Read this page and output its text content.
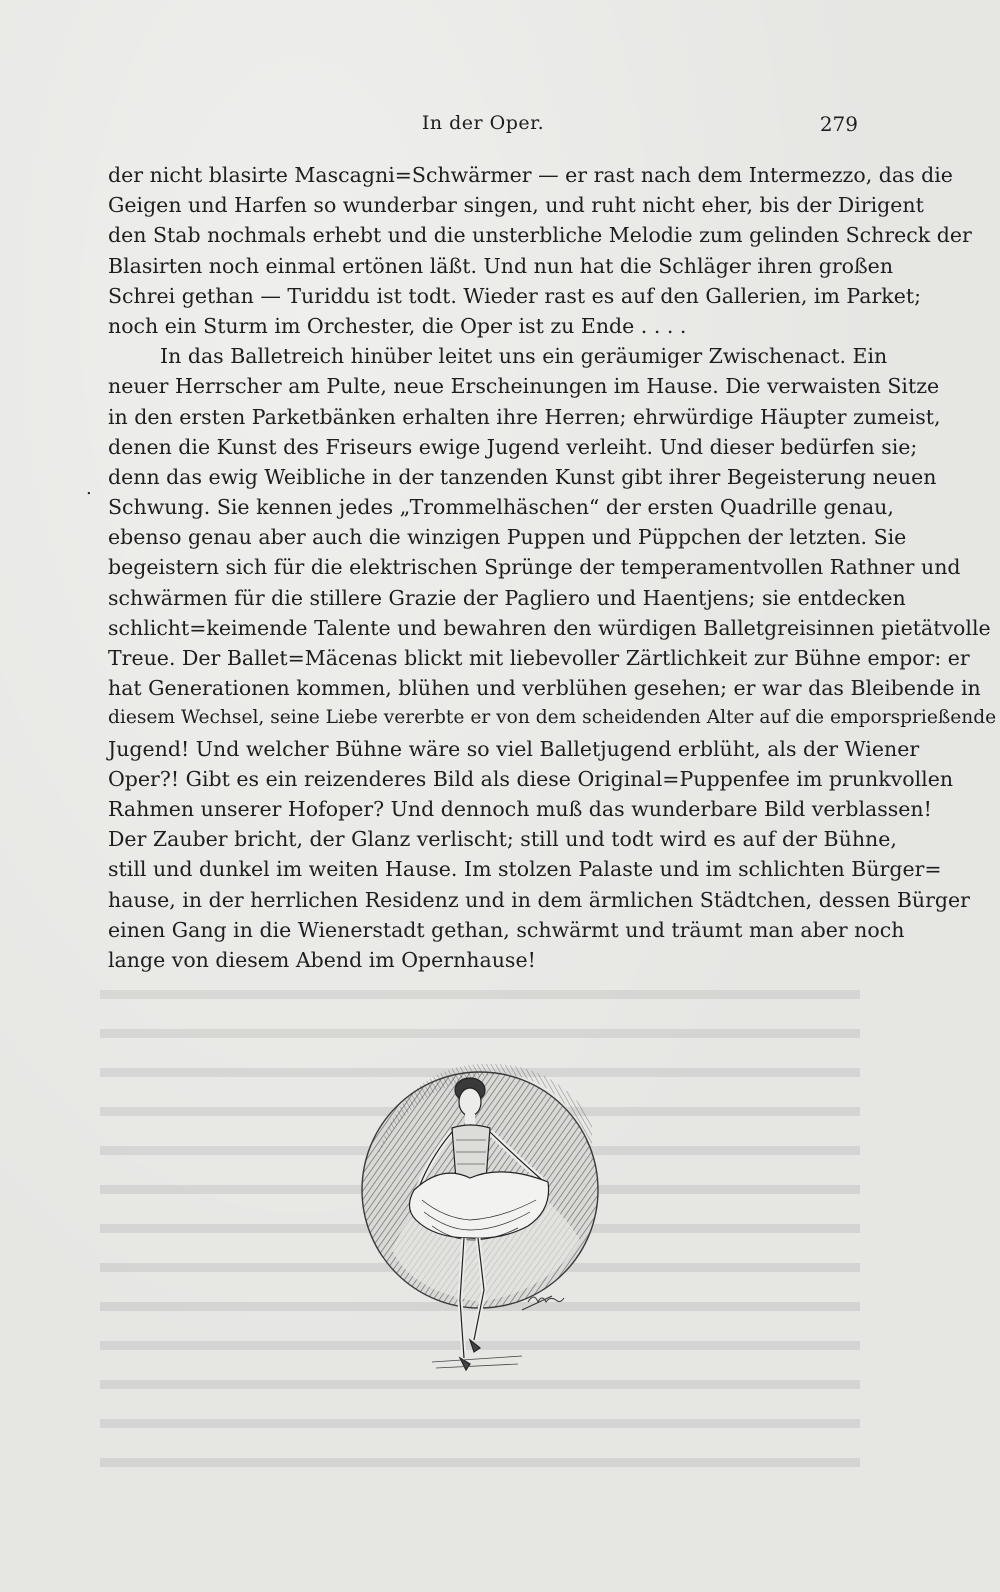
In der Oper.	279
.
der nicht blasirte Mascagni=Schwärmer — er rast nach dem Intermezzo, das die
Geigen und Harfen so wunderbar singen, und ruht nicht eher, bis der Dirigent
den Stab nochmals erhebt und die unsterbliche Melodie zum gelinden Schreck der
Blasirten noch einmal ertönen läßt. Und nun hat die Schläger ihren großen
Schrei gethan — Turiddu ist todt. Wieder rast es auf den Gallerien, im Parket;
noch ein Sturm im Orchester, die Oper ist zu Ende . . . .
In das Balletreich hinüber leitet uns ein geräumiger Zwischenact. Ein
neuer Herrscher am Pulte, neue Erscheinungen im Hause. Die verwaisten Sitze
in den ersten Parketbänken erhalten ihre Herren; ehrwürdige Häupter zumeist,
denen die Kunst des Friseurs ewige Jugend verleiht. Und dieser bedürfen sie;
denn das ewig Weibliche in der tanzenden Kunst gibt ihrer Begeisterung neuen
Schwung. Sie kennen jedes „Trommelhäschen“ der ersten Quadrille genau,
ebenso genau aber auch die winzigen Puppen und Püppchen der letzten. Sie
begeistern sich für die elektrischen Sprünge der temperamentvollen Rathner und
schwärmen für die stillere Grazie der Pagliero und Haentjens; sie entdecken
schlicht=keimende Talente und bewahren den würdigen Balletgreisinnen pietätvolle
Treue. Der Ballet=Mäcenas blickt mit liebevoller Zärtlichkeit zur Bühne empor: er
hat Generationen kommen, blühen und verblühen gesehen; er war das Bleibende in
diesem Wechsel, seine Liebe vererbte er von dem scheidenden Alter auf die emporsprießende
Jugend! Und welcher Bühne wäre so viel Balletjugend erblüht, als der Wiener
Oper?! Gibt es ein reizenderes Bild als diese Original=Puppenfee im prunkvollen
Rahmen unserer Hofoper? Und dennoch muß das wunderbare Bild verblassen!
Der Zauber bricht, der Glanz verlischt; still und todt wird es auf der Bühne,
still und dunkel im weiten Hause. Im stolzen Palaste und im schlichten Bürger=
hause, in der herrlichen Residenz und in dem ärmlichen Städtchen, dessen Bürger
einen Gang in die Wienerstadt gethan, schwärmt und träumt man aber noch
lange von diesem Abend im Opernhause!
